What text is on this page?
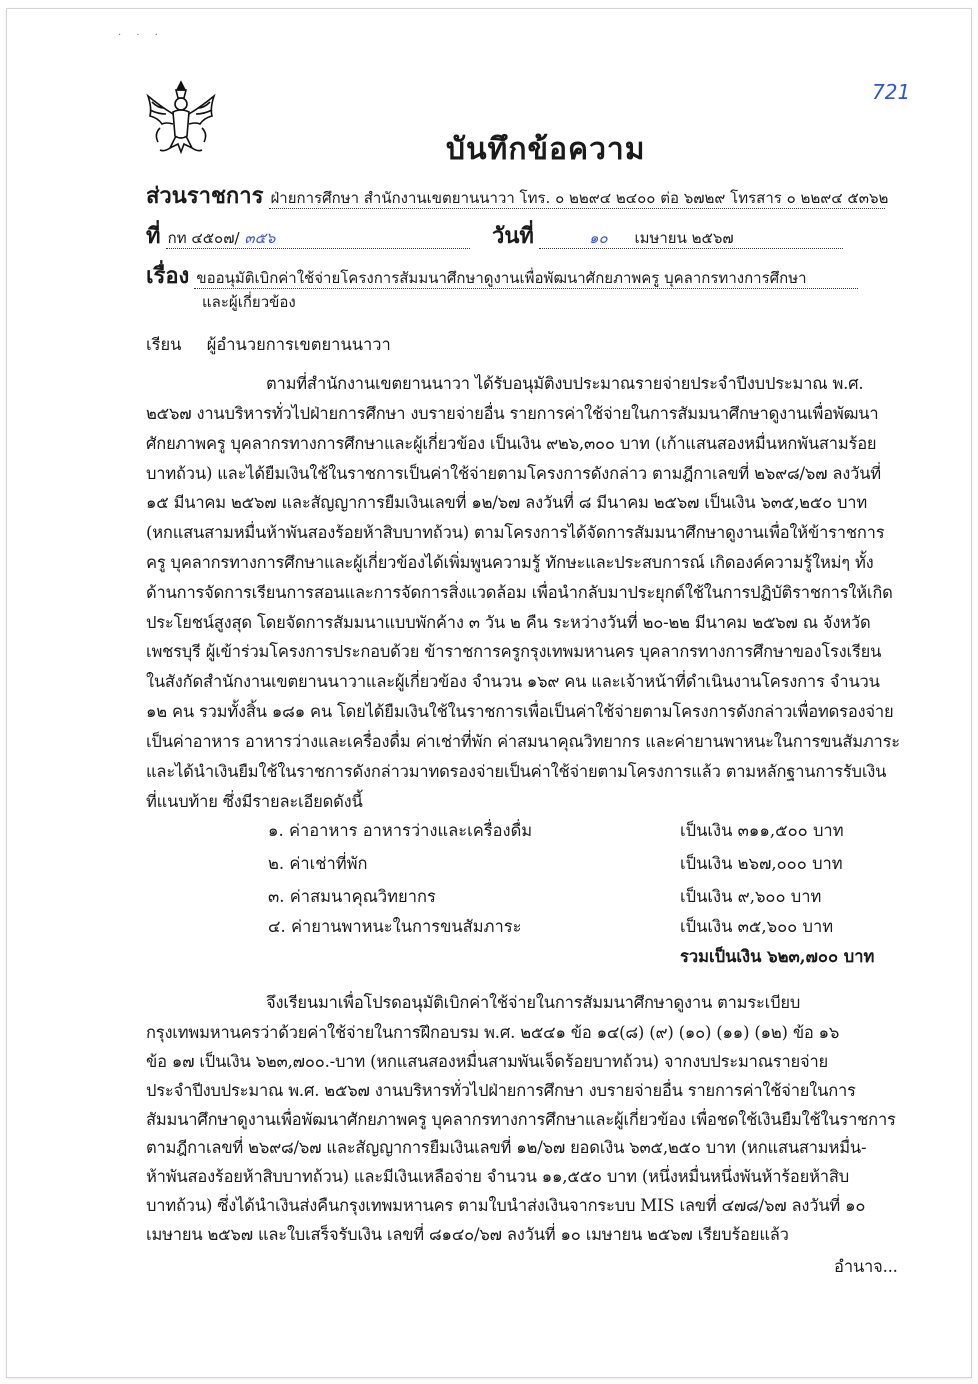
· · ·
721
บันทึกข้อความ
ส่วนราชการ ฝ่ายการศึกษา สำนักงานเขตยานนาวา โทร. ๐ ๒๒๙๔ ๒๔๐๐ ต่อ ๖๗๒๙ โทรสาร ๐ ๒๒๙๔ ๕๓๖๒
ที่ กท ๔๕๐๗/ ๓๕๖	วันที่	๑๐ เมษายน ๒๕๖๗
เรื่อง ขออนุมัติเบิกค่าใช้จ่ายโครงการสัมมนาศึกษาดูงานเพื่อพัฒนาศักยภาพครู บุคลากรทางการศึกษา
และผู้เกี่ยวข้อง
เรียน ผู้อำนวยการเขตยานนาวา
ตามที่สำนักงานเขตยานนาวา ได้รับอนุมัติงบประมาณรายจ่ายประจำปีงบประมาณ พ.ศ.
๒๕๖๗ งานบริหารทั่วไปฝ่ายการศึกษา งบรายจ่ายอื่น รายการค่าใช้จ่ายในการสัมมนาศึกษาดูงานเพื่อพัฒนา
ศักยภาพครู บุคลากรทางการศึกษาและผู้เกี่ยวข้อง เป็นเงิน ๙๒๖,๓๐๐ บาท (เก้าแสนสองหมื่นหกพันสามร้อย
บาทถ้วน) และได้ยืมเงินใช้ในราชการเป็นค่าใช้จ่ายตามโครงการดังกล่าว ตามฎีกาเลขที่ ๒๖๙๘/๖๗ ลงวันที่
๑๕ มีนาคม ๒๕๖๗ และสัญญาการยืมเงินเลขที่ ๑๒/๖๗ ลงวันที่ ๘ มีนาคม ๒๕๖๗ เป็นเงิน ๖๓๕,๒๕๐ บาท
(หกแสนสามหมื่นห้าพันสองร้อยห้าสิบบาทถ้วน) ตามโครงการได้จัดการสัมมนาศึกษาดูงานเพื่อให้ข้าราชการ
ครู บุคลากรทางการศึกษาและผู้เกี่ยวข้องได้เพิ่มพูนความรู้ ทักษะและประสบการณ์ เกิดองค์ความรู้ใหม่ๆ ทั้ง
ด้านการจัดการเรียนการสอนและการจัดการสิ่งแวดล้อม เพื่อนำกลับมาประยุกต์ใช้ในการปฏิบัติราชการให้เกิด
ประโยชน์สูงสุด โดยจัดการสัมมนาแบบพักค้าง ๓ วัน ๒ คืน ระหว่างวันที่ ๒๐-๒๒ มีนาคม ๒๕๖๗ ณ จังหวัด
เพชรบุรี ผู้เข้าร่วมโครงการประกอบด้วย ข้าราชการครูกรุงเทพมหานคร บุคลากรทางการศึกษาของโรงเรียน
ในสังกัดสำนักงานเขตยานนาวาและผู้เกี่ยวข้อง จำนวน ๑๖๙ คน และเจ้าหน้าที่ดำเนินงานโครงการ จำนวน
๑๒ คน รวมทั้งสิ้น ๑๘๑ คน โดยได้ยืมเงินใช้ในราชการเพื่อเป็นค่าใช้จ่ายตามโครงการดังกล่าวเพื่อทดรองจ่าย
เป็นค่าอาหาร อาหารว่างและเครื่องดื่ม ค่าเช่าที่พัก ค่าสมนาคุณวิทยากร และค่ายานพาหนะในการขนสัมภาระ
และได้นำเงินยืมใช้ในราชการดังกล่าวมาทดรองจ่ายเป็นค่าใช้จ่ายตามโครงการแล้ว ตามหลักฐานการรับเงิน
ที่แนบท้าย ซึ่งมีรายละเอียดดังนี้
๑. ค่าอาหาร อาหารว่างและเครื่องดื่ม	เป็นเงิน ๓๑๑,๕๐๐ บาท
๒. ค่าเช่าที่พัก	เป็นเงิน ๒๖๗,๐๐๐ บาท
๓. ค่าสมนาคุณวิทยากร	เป็นเงิน ๙,๖๐๐ บาท
๔. ค่ายานพาหนะในการขนสัมภาระ	เป็นเงิน ๓๕,๖๐๐ บาท
รวมเป็นเงิน ๖๒๓,๗๐๐ บาท
จึงเรียนมาเพื่อโปรดอนุมัติเบิกค่าใช้จ่ายในการสัมมนาศึกษาดูงาน ตามระเบียบ
กรุงเทพมหานครว่าด้วยค่าใช้จ่ายในการฝึกอบรม พ.ศ. ๒๕๔๑ ข้อ ๑๔(๘) (๙) (๑๐) (๑๑) (๑๒) ข้อ ๑๖
ข้อ ๑๗ เป็นเงิน ๖๒๓,๗๐๐.-บาท (หกแสนสองหมื่นสามพันเจ็ดร้อยบาทถ้วน) จากงบประมาณรายจ่าย
ประจำปีงบประมาณ พ.ศ. ๒๕๖๗ งานบริหารทั่วไปฝ่ายการศึกษา งบรายจ่ายอื่น รายการค่าใช้จ่ายในการ
สัมมนาศึกษาดูงานเพื่อพัฒนาศักยภาพครู บุคลากรทางการศึกษาและผู้เกี่ยวข้อง เพื่อชดใช้เงินยืมใช้ในราชการ
ตามฎีกาเลขที่ ๒๖๙๘/๖๗ และสัญญาการยืมเงินเลขที่ ๑๒/๖๗ ยอดเงิน ๖๓๕,๒๕๐ บาท (หกแสนสามหมื่น-
ห้าพันสองร้อยห้าสิบบาทถ้วน) และมีเงินเหลือจ่าย จำนวน ๑๑,๕๕๐ บาท (หนึ่งหมื่นหนึ่งพันห้าร้อยห้าสิบ
บาทถ้วน) ซึ่งได้นำเงินส่งคืนกรุงเทพมหานคร ตามใบนำส่งเงินจากระบบ MIS เลขที่ ๔๗๘/๖๗ ลงวันที่ ๑๐
เมษายน ๒๕๖๗ และใบเสร็จรับเงิน เลขที่ ๘๑๔๐/๖๗ ลงวันที่ ๑๐ เมษายน ๒๕๖๗ เรียบร้อยแล้ว
อำนาจ...
